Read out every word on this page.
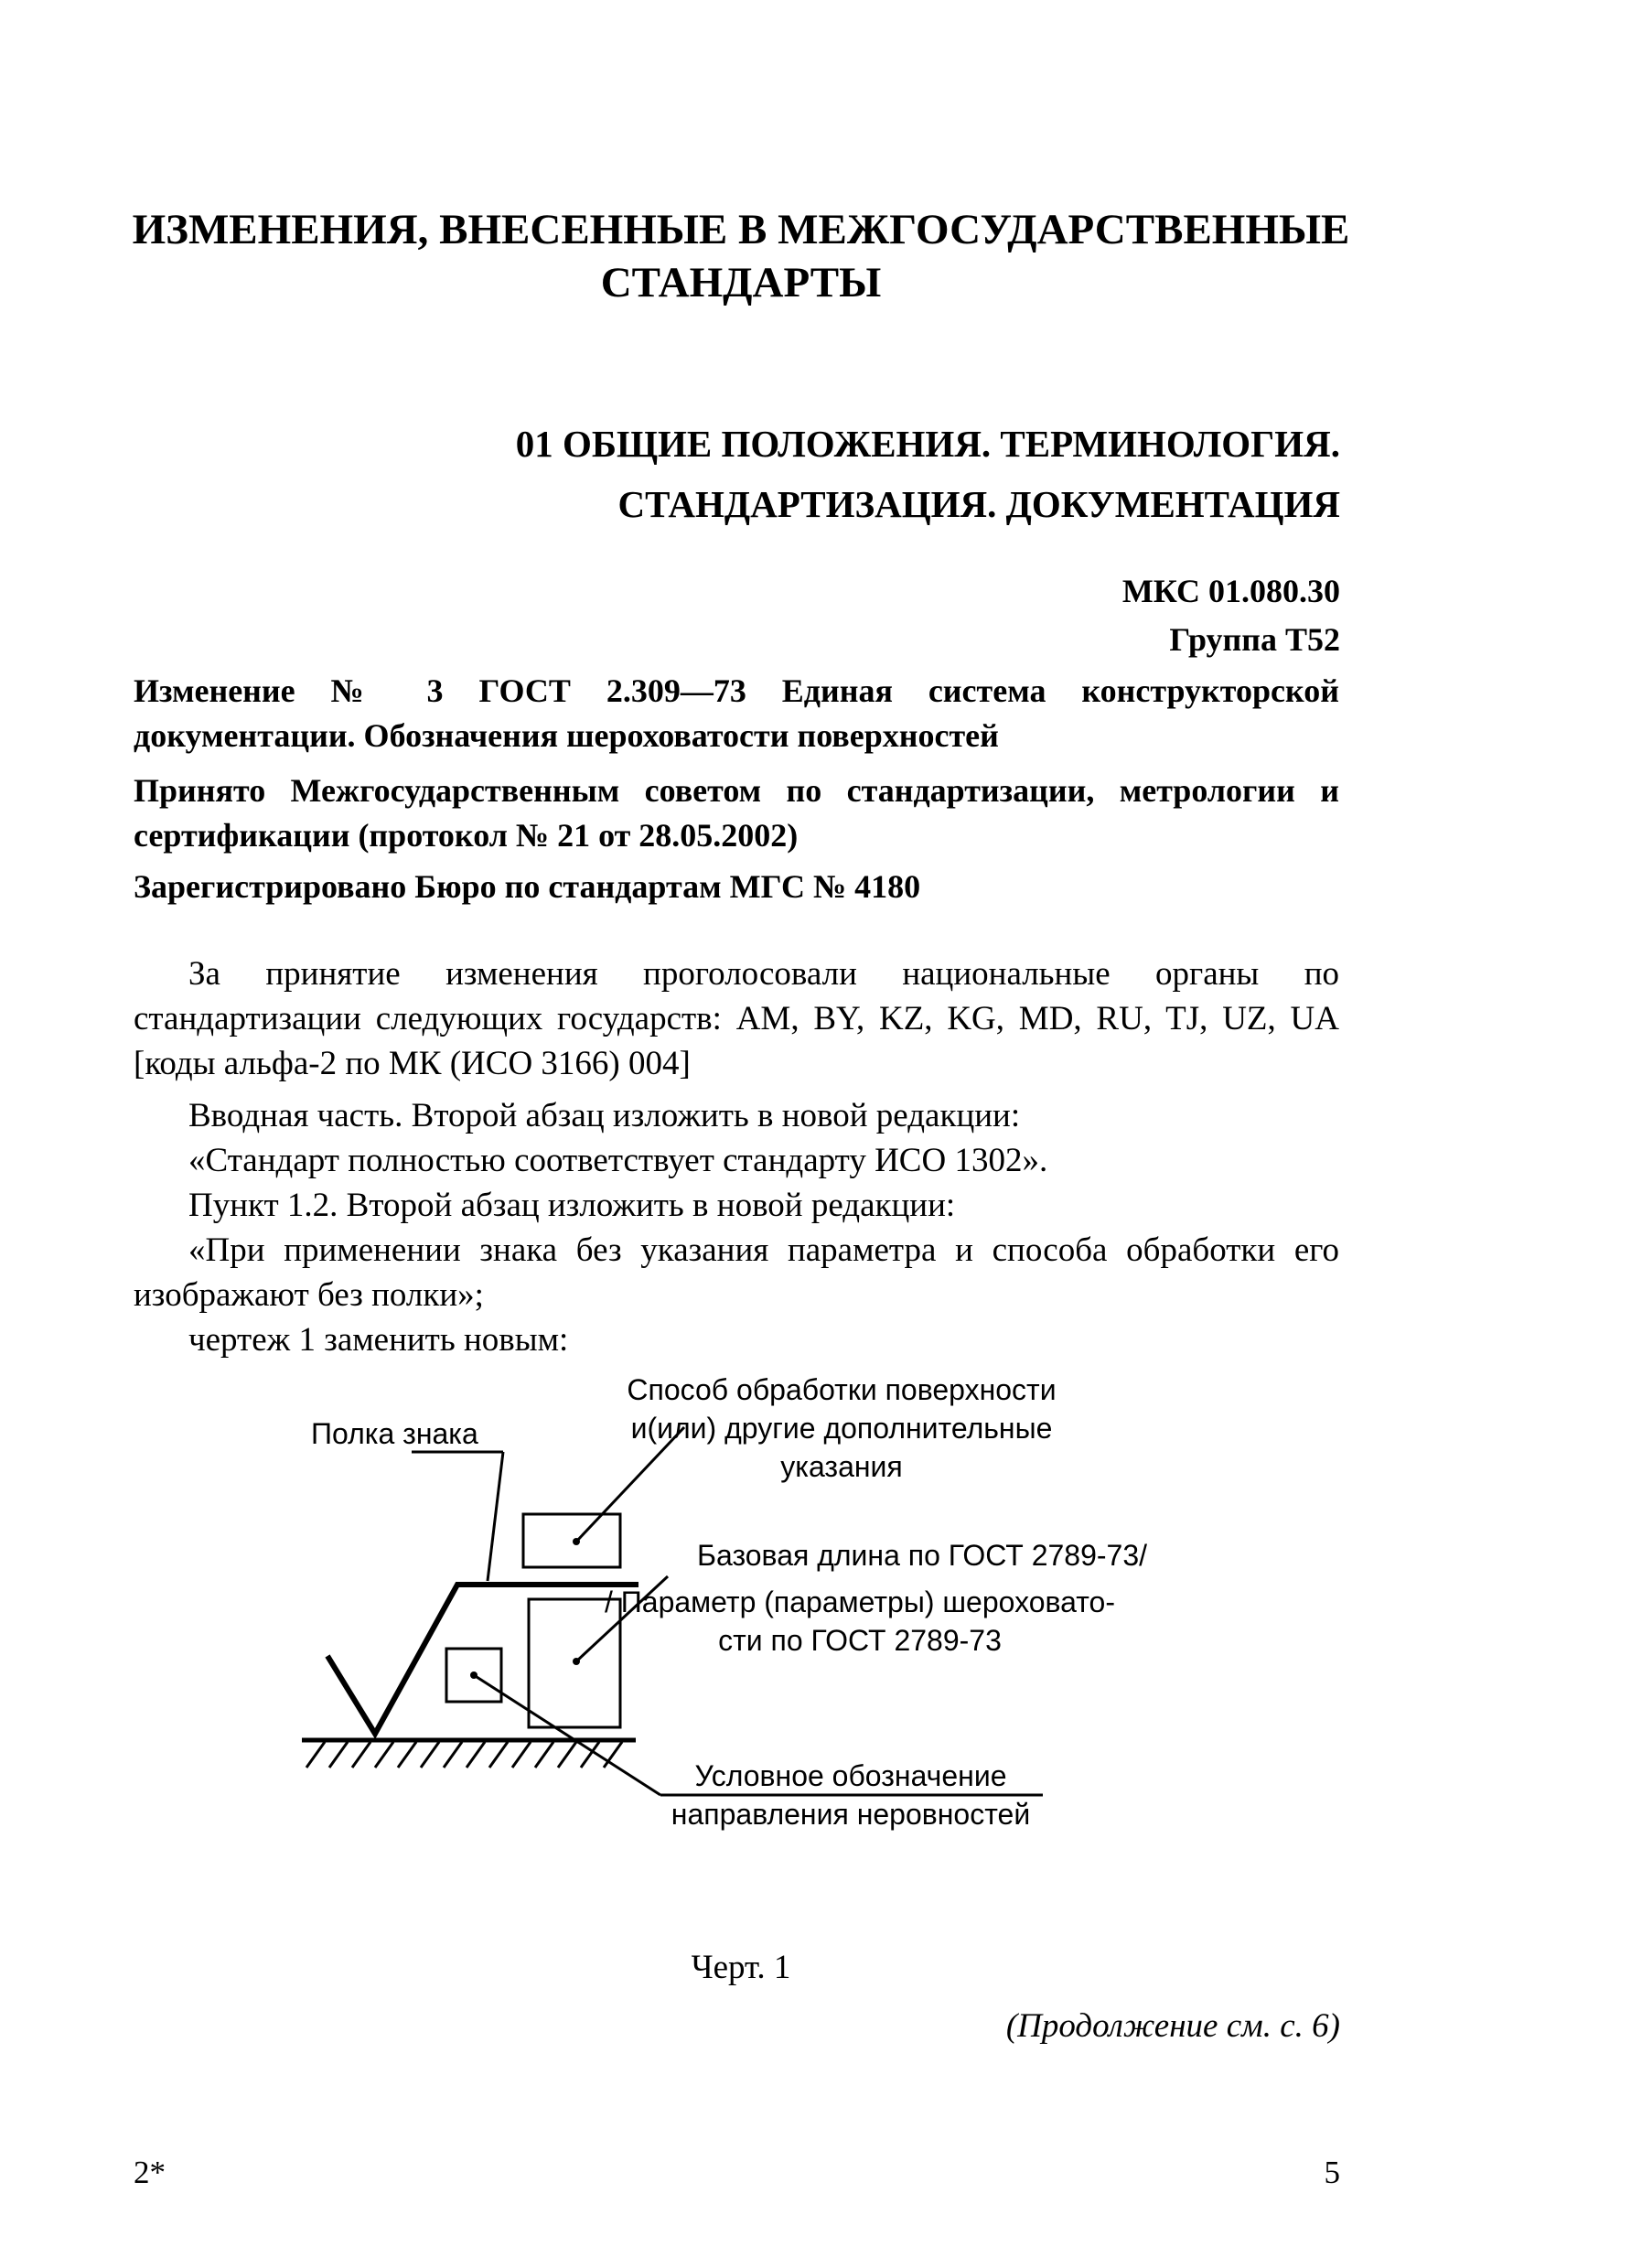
ИЗМЕНЕНИЯ, ВНЕСЕННЫЕ В МЕЖГОСУДАРСТВЕННЫЕ
СТАНДАРТЫ
01 ОБЩИЕ ПОЛОЖЕНИЯ. ТЕРМИНОЛОГИЯ.
СТАНДАРТИЗАЦИЯ. ДОКУМЕНТАЦИЯ
МКС 01.080.30
Группа Т52
Изменение № 3 ГОСТ 2.309—73 Единая система конструкторской документации. Обозначения шероховатости поверхностей
Принято Межгосударственным советом по стандартизации, метрологии и сертификации (протокол № 21 от 28.05.2002)
Зарегистрировано Бюро по стандартам МГС № 4180
За принятие изменения проголосовали национальные органы по стандартизации следующих государств: AM, BY, KZ, KG, MD, RU, TJ, UZ, UA [коды альфа-2 по МК (ИСО 3166) 004]
Вводная часть. Второй абзац изложить в новой редакции:
«Стандарт полностью соответствует стандарту ИСО 1302».
Пункт 1.2. Второй абзац изложить в новой редакции:
«При применении знака без указания параметра и способа обработки его изображают без полки»;
чертеж 1 заменить новым:
Полка знака
Способ обработки поверхности
и(или) другие дополнительные
указания
Базовая длина по ГОСТ 2789-73/
/ Параметр (параметры) шероховато-
сти по ГОСТ 2789-73
Условное обозначение
направления неровностей
Черт. 1
(Продолжение см. с. 6)
2*	5
